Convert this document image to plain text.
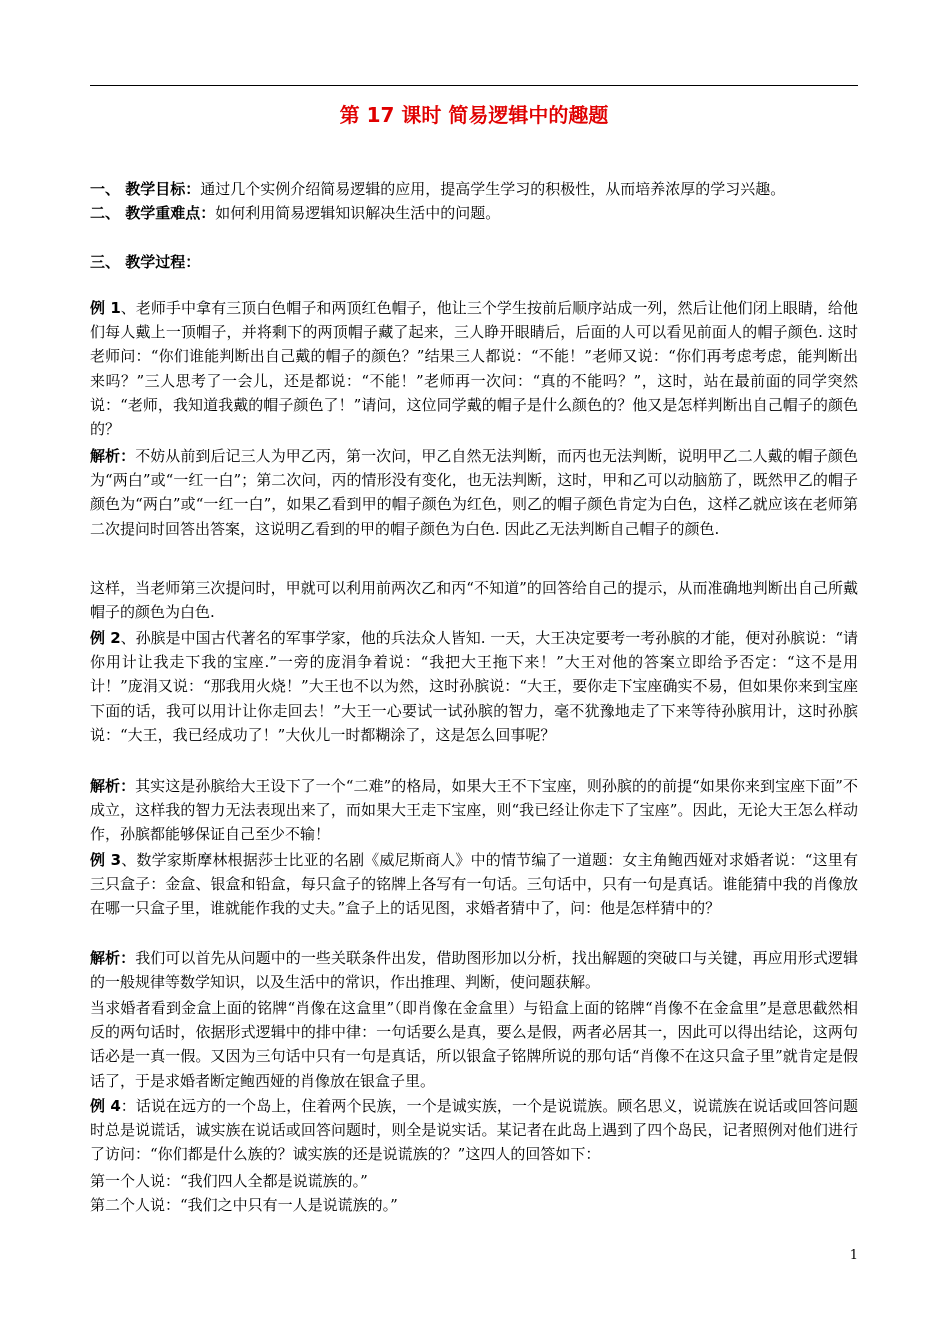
第 17 课时 简易逻辑中的趣题
一、 教学目标：通过几个实例介绍简易逻辑的应用，提高学生学习的积极性，从而培养浓厚的学习兴趣。
二、 教学重难点：如何利用简易逻辑知识解决生活中的问题。
三、 教学过程：

例 1、老师手中拿有三顶白色帽子和两顶红色帽子，他让三个学生按前后顺序站成一列，然后让他们闭上眼睛，给他们每人戴上一顶帽子，并将剩下的两顶帽子藏了起来，三人睁开眼睛后，后面的人可以看见前面人的帽子颜色. 这时老师问：“你们谁能判断出自己戴的帽子的颜色？”结果三人都说：“不能！”老师又说：“你们再考虑考虑，能判断出来吗？”三人思考了一会儿，还是都说：“不能！”老师再一次问：“真的不能吗？”，这时，站在最前面的同学突然说：“老师，我知道我戴的帽子颜色了！”请问，这位同学戴的帽子是什么颜色的？他又是怎样判断出自己帽子的颜色的？

解析：不妨从前到后记三人为甲乙丙，第一次问，甲乙自然无法判断，而丙也无法判断，说明甲乙二人戴的帽子颜色为“两白”或“一红一白”；第二次问，丙的情形没有变化，也无法判断，这时，甲和乙可以动脑筋了，既然甲乙的帽子颜色为“两白”或“一红一白”，如果乙看到甲的帽子颜色为红色，则乙的帽子颜色肯定为白色，这样乙就应该在老师第二次提问时回答出答案，这说明乙看到的甲的帽子颜色为白色. 因此乙无法判断自己帽子的颜色.

这样，当老师第三次提问时，甲就可以利用前两次乙和丙“不知道”的回答给自己的提示，从而准确地判断出自己所戴帽子的颜色为白色.

例 2、孙膑是中国古代著名的军事学家，他的兵法众人皆知. 一天，大王决定要考一考孙膑的才能，便对孙膑说：“请你用计让我走下我的宝座.”一旁的庞涓争着说：“我把大王拖下来！”大王对他的答案立即给予否定：“这不是用计！”庞涓又说：“那我用火烧！”大王也不以为然，这时孙膑说：“大王，要你走下宝座确实不易，但如果你来到宝座下面的话，我可以用计让你走回去！”大王一心要试一试孙膑的智力，毫不犹豫地走了下来等待孙膑用计，这时孙膑说：“大王，我已经成功了！”大伙儿一时都糊涂了，这是怎么回事呢？

解析：其实这是孙膑给大王设下了一个“二难”的格局，如果大王不下宝座，则孙膑的的前提“如果你来到宝座下面”不成立，这样我的智力无法表现出来了，而如果大王走下宝座，则“我已经让你走下了宝座”。因此，无论大王怎么样动作，孙膑都能够保证自己至少不输！

例 3、数学家斯摩林根据莎士比亚的名剧《威尼斯商人》中的情节编了一道题：女主角鲍西娅对求婚者说：“这里有三只盒子：金盒、银盒和铅盒，每只盒子的铭牌上各写有一句话。三句话中，只有一句是真话。谁能猜中我的肖像放在哪一只盒子里，谁就能作我的丈夫。”盒子上的话见图，求婚者猜中了，问：他是怎样猜中的？

解析：我们可以首先从问题中的一些关联条件出发，借助图形加以分析，找出解题的突破口与关键，再应用形式逻辑的一般规律等数学知识，以及生活中的常识，作出推理、判断，使问题获解。

当求婚者看到金盒上面的铭牌“肖像在这盒里”（即肖像在金盒里）与铅盒上面的铭牌“肖像不在金盒里”是意思截然相反的两句话时，依据形式逻辑中的排中律：一句话要么是真，要么是假，两者必居其一，因此可以得出结论，这两句话必是一真一假。又因为三句话中只有一句是真话，所以银盒子铭牌所说的那句话“肖像不在这只盒子里”就肯定是假话了，于是求婚者断定鲍西娅的肖像放在银盒子里。

例 4：话说在远方的一个岛上，住着两个民族，一个是诚实族，一个是说谎族。顾名思义，说谎族在说话或回答问题时总是说谎话，诚实族在说话或回答问题时，则全是说实话。某记者在此岛上遇到了四个岛民，记者照例对他们进行了访问：“你们都是什么族的？诚实族的还是说谎族的？”这四人的回答如下：

第一个人说：“我们四人全都是说谎族的。”
第二个人说：“我们之中只有一人是说谎族的。”
1
